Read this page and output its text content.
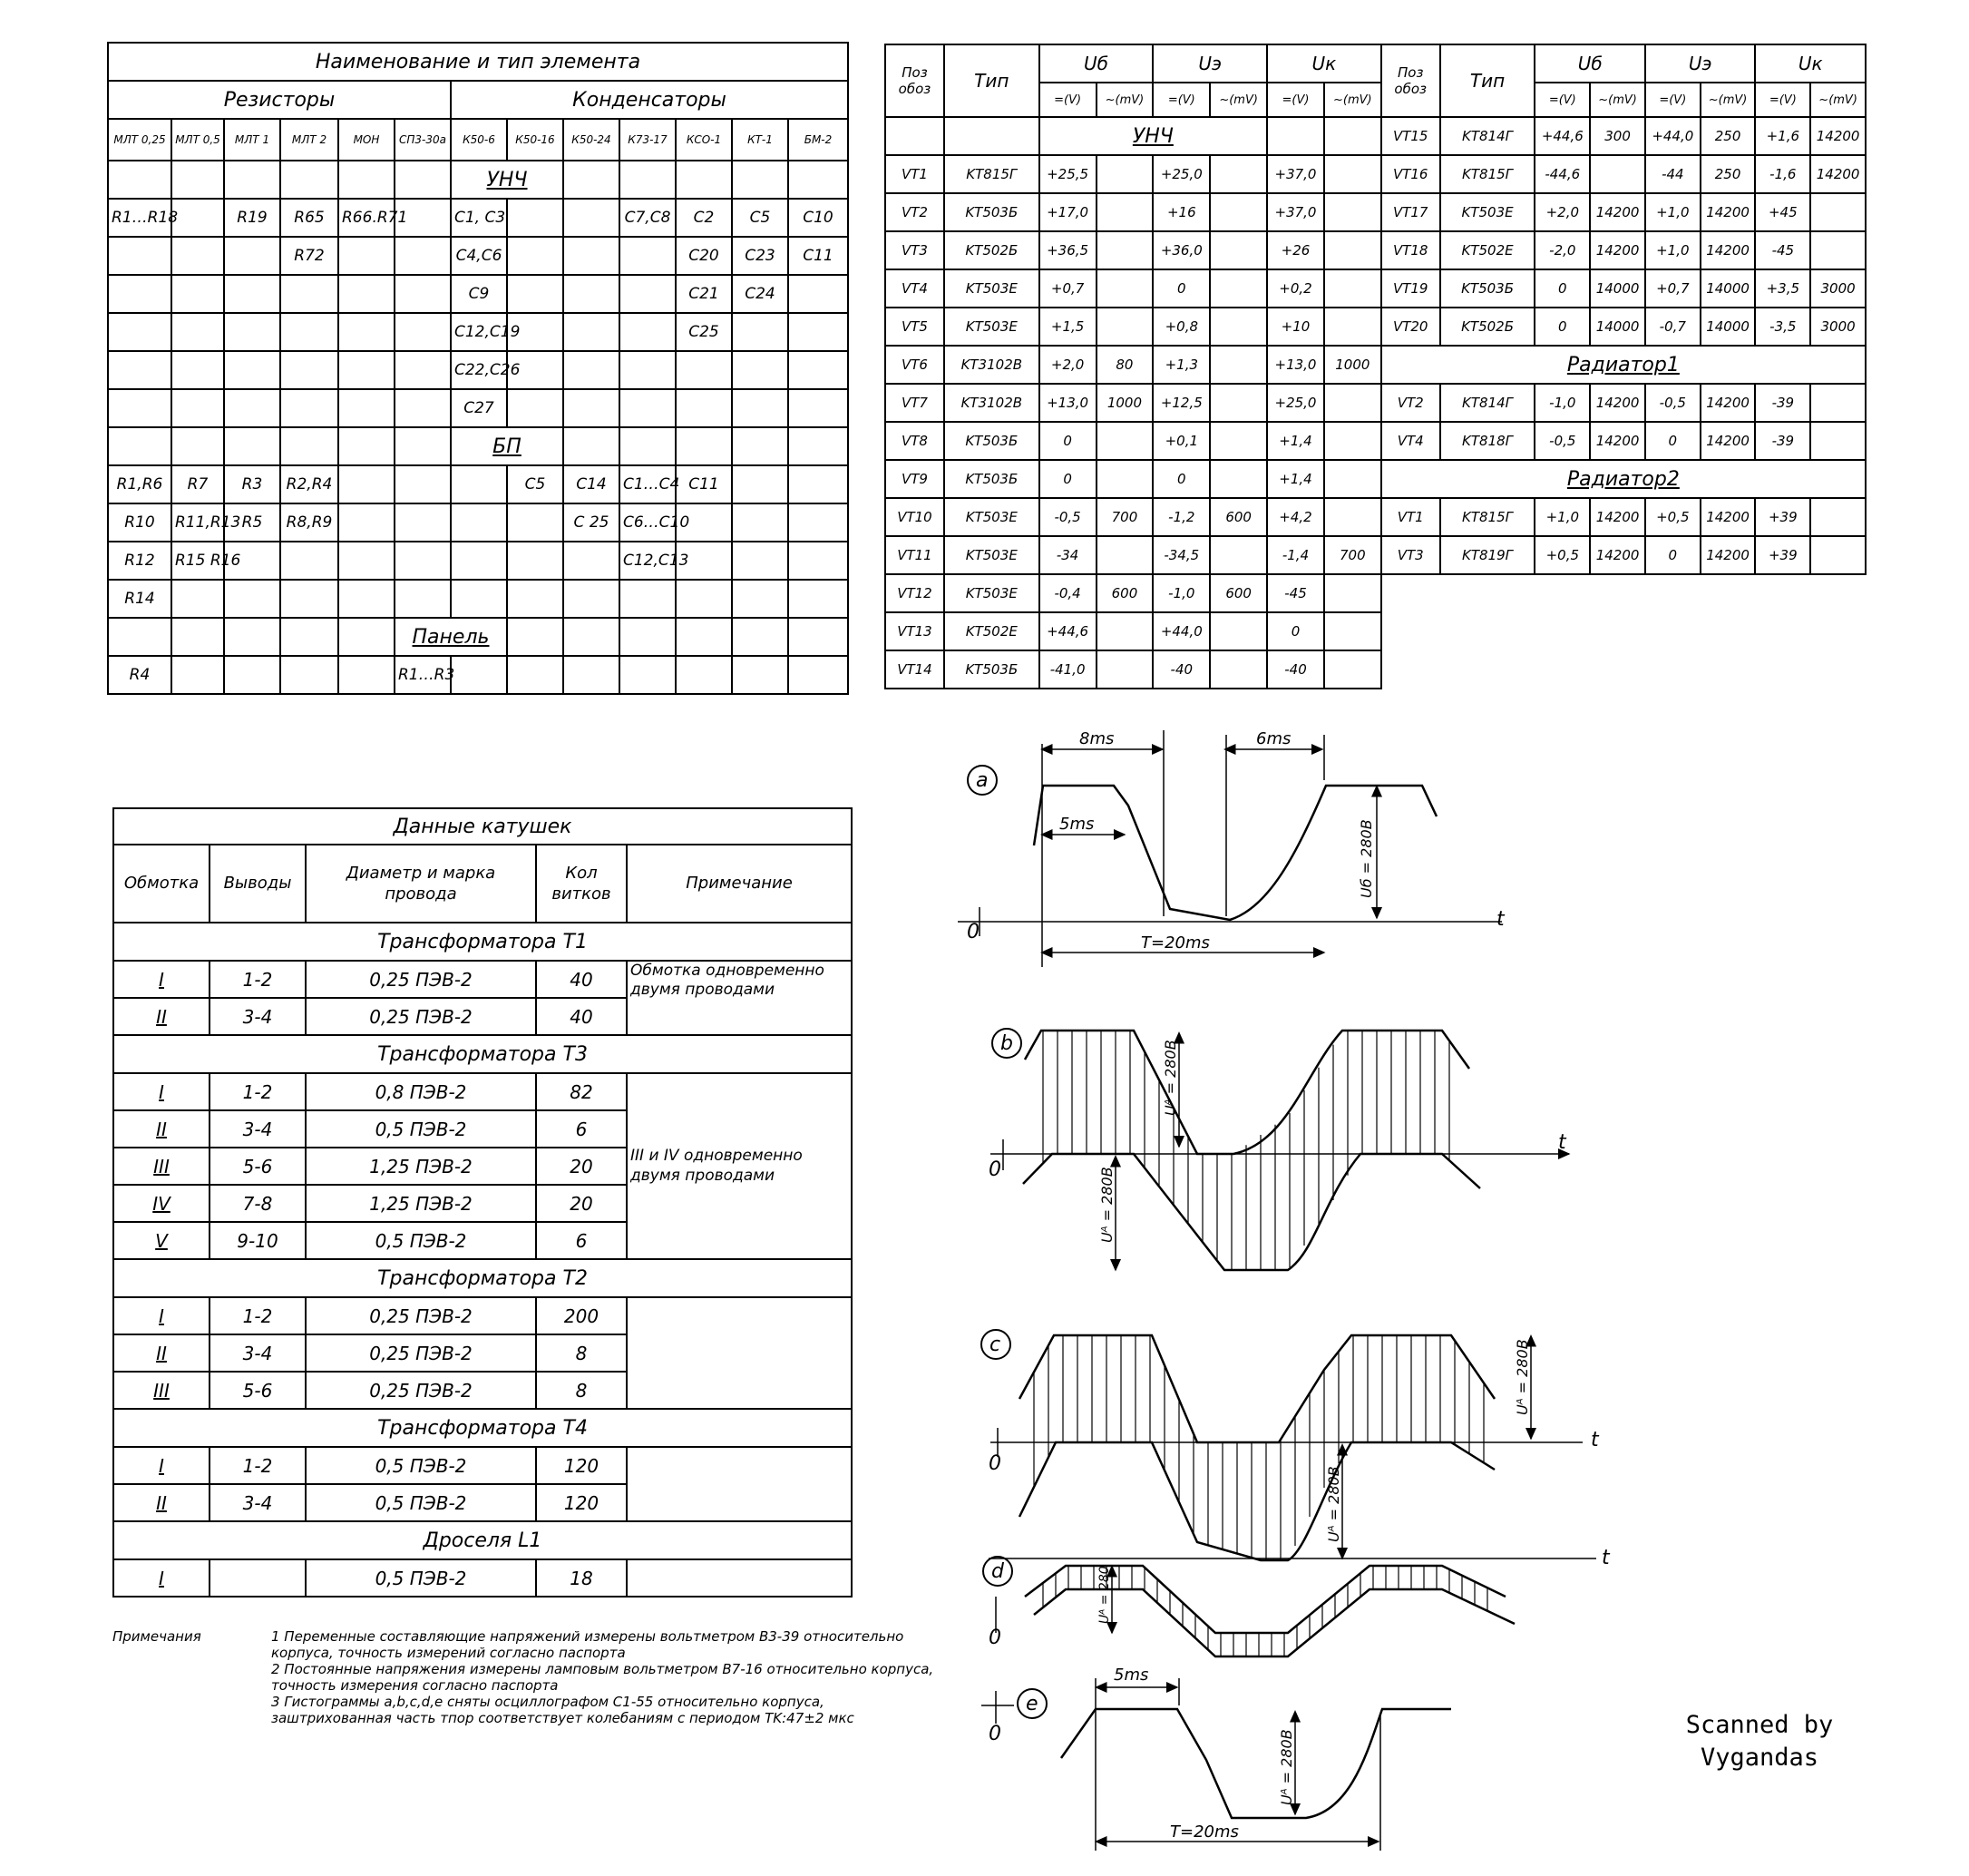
Наименование и тип элемента												
Резисторы						Конденсаторы						
МЛТ 0,25	МЛТ 0,5	МЛТ 1	МЛТ 2	МОН	СП3-30а	К50-6	К50-16	К50-24	К73-17	КСО-1	КТ-1	БМ-2
						УНЧ						
R1…R18		R19	R65	R66.R71		C1, C3			C7,C8	C2	C5	C10
			R72			C4,C6				C20	C23	C11
						C9				C21	C24	
						C12,C19				C25		
						C22,C26						
						C27						
						БП						
R1,R6	R7	R3	R2,R4				C5	C14	C1…C4	C11		
R10	R11,R13	R5	R8,R9					C 25	C6…C10			
R12	R15 R16								C12,C13			
R14												
					Панель							
R4					R1…R3							
Поз обоз	Тип	Uб		Uэ		Uк		Поз обоз	Тип	Uб		Uэ		Uк	
		=(V)	~(mV)	=(V)	~(mV)	=(V)	~(mV)			=(V)	~(mV)	=(V)	~(mV)	=(V)	~(mV)
		УНЧ						VT15	KT814Г	+44,6	300	+44,0	250	+1,6	14200
VT1	KT815Г	+25,5		+25,0		+37,0		VT16	KT815Г	-44,6		-44	250	-1,6	14200
VT2	KT503Б	+17,0		+16		+37,0		VT17	KT503E	+2,0	14200	+1,0	14200	+45	
VT3	KT502Б	+36,5		+36,0		+26		VT18	KT502E	-2,0	14200	+1,0	14200	-45	
VT4	KT503E	+0,7		0		+0,2		VT19	KT503Б	0	14000	+0,7	14000	+3,5	3000
VT5	KT503E	+1,5		+0,8		+10		VT20	KT502Б	0	14000	-0,7	14000	-3,5	3000
VT6	KT3102B	+2,0	80	+1,3		+13,0	1000	Радиатор1							
VT7	KT3102B	+13,0	1000	+12,5		+25,0		VT2	KT814Г	-1,0	14200	-0,5	14200	-39	
VT8	KT503Б	0		+0,1		+1,4		VT4	KT818Г	-0,5	14200	0	14200	-39	
VT9	KT503Б	0		0		+1,4		Радиатор2							
VT10	KT503E	-0,5	700	-1,2	600	+4,2		VT1	KT815Г	+1,0	14200	+0,5	14200	+39	
VT11	KT503E	-34		-34,5		-1,4	700	VT3	KT819Г	+0,5	14200	0	14200	+39	
VT12	KT503E	-0,4	600	-1,0	600	-45									
VT13	KT502E	+44,6		+44,0		0									
VT14	KT503Б	-41,0		-40		-40									
Данные катушек				
Обмотка	Выводы	Диаметр и марка провода	Кол витков	Примечание
Трансформатора T1				
I	1-2	0,25 ПЭВ-2	40	Обмотка одновременно двумя проводами
II	3-4	0,25 ПЭВ-2	40	
Трансформатора T3				
I	1-2	0,8 ПЭВ-2	82	III и IV одновременно двумя проводами
II	3-4	0,5 ПЭВ-2	6	
III	5-6	1,25 ПЭВ-2	20	
IV	7-8	1,25 ПЭВ-2	20	
V	9-10	0,5 ПЭВ-2	6	
Трансформатора T2				
I	1-2	0,25 ПЭВ-2	200	
II	3-4	0,25 ПЭВ-2	8	
III	5-6	0,25 ПЭВ-2	8	
Трансформатора T4				
I	1-2	0,5 ПЭВ-2	120	
II	3-4	0,5 ПЭВ-2	120	
Дроселя L1				
I		0,5 ПЭВ-2	18	
Примечания	1 Переменные составляющие напряжений измерены вольтметром В3-39 относительно корпуса, точность измерений согласно паспорта

2 Постоянные напряжения измерены ламповым вольтметром В7-16 относительно корпуса, точность измерения согласно паспорта

3 Гистограммы a,b,c,d,e сняты осциллографом С1-55 относительно корпуса, заштрихованная часть тпор соответствует колебаниям с периодом TK:47±2 мкс	Scanned by
Vygandas
a
8ms	6ms
5ms
T=20ms
0
t
Uб = 280В
b
0
t
Uᴬ = 280В
Uᴬ = 280В
c
0
t
Uᴬ = 280В
Uᴬ = 280В
d
0
t
Uᴬ = 280
e
0
5ms
T=20ms
Uᴬ = 280В
